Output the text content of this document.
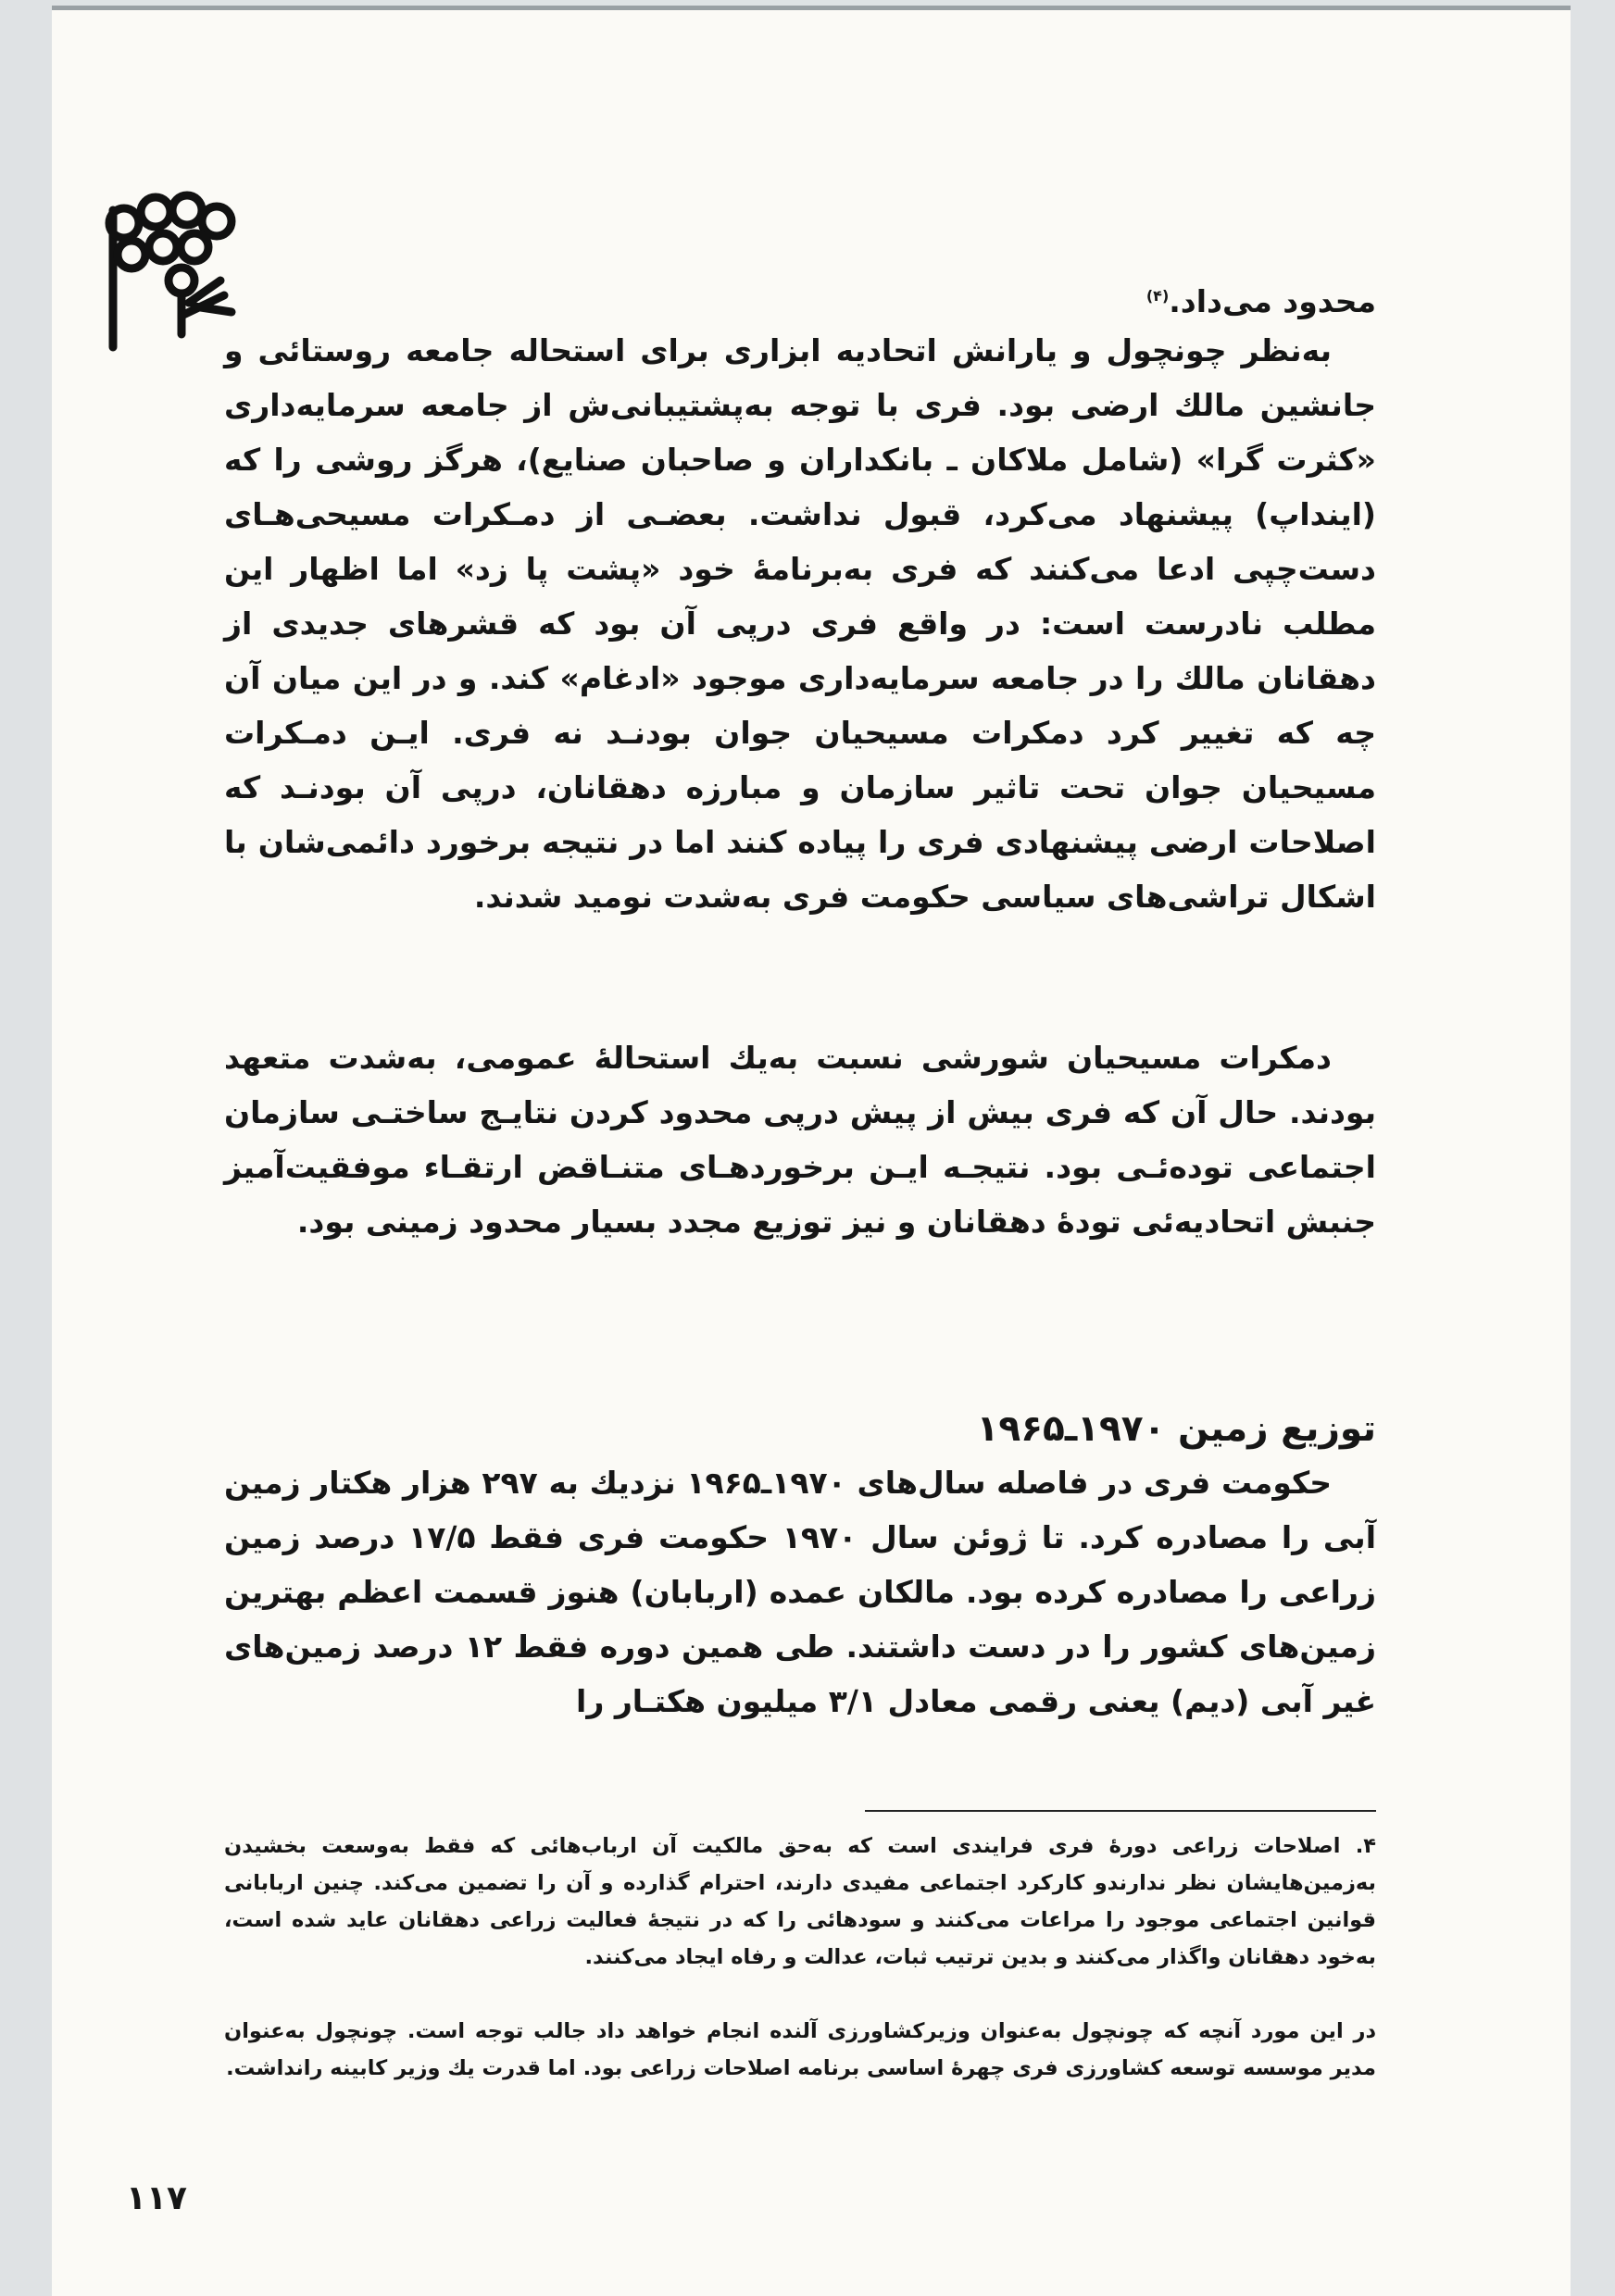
محدود می‌داد.$^{(۴)}$

به‌نظر چونچول و یارانش اتحادیه ابزاری برای استحاله جامعه روستائی و جانشین مالك ارضی بود. فری با توجه به‌پشتیبانی‌ش از جامعه سرمایه‌داری «کثرت گرا» (شامل ملاکان ـ بانکداران و صاحبان صنایع)، هرگز روشی را که (اینداپ) پیشنهاد می‌کرد، قبول نداشت. بعضـی از دمـکرات مسیحی‌هـای دست‌چپی ادعا می‌کنند که فری به‌برنامهٔ خود «پشت پا زد» اما اظهار این مطلب نادرست است: در واقع فری درپی آن بود که قشرهای جدیدی از دهقانان مالك را در جامعه سرمایه‌داری موجود «ادغام» کند. و در این میان آن چه که تغییر کرد دمکرات مسیحیان جوان بودنـد نه فری. ایـن دمـکرات مسیحیان جوان تحت تاثیر سازمان و مبارزه دهقانان، درپی آن بودنـد که اصلاحات ارضی پیشنهادی فری را پیاده کنند اما در نتیجه برخورد دائمی‌شان با اشکال تراشی‌های سیاسی حکومت فری به‌شدت نومید شدند.

دمکرات مسیحیان شورشی نسبت به‌یك استحالهٔ عمومی، به‌شدت متعهد بودند. حال آن که فری بیش از پیش درپی محدود کردن نتایـج ساختـی سازمان اجتماعی توده‌ئـی بود. نتیجـه ایـن برخوردهـای متنـاقض ارتقـاء موفقیت‌آمیز جنبش اتحادیه‌ئی تودهٔ دهقانان و نیز توزیع مجدد بسیار محدود زمینی بود.

توزیع زمین ۱۹۷۰ـ۱۹۶۵

حکومت فری در فاصله سال‌های ۱۹۷۰ـ۱۹۶۵ نزدیك به ۲۹۷ هزار هکتار زمین آبی را مصادره کرد. تا ژوئن سال ۱۹۷۰ حکومت فری فقط ۱۷/۵ درصد زمین زراعی را مصادره کرده بود. مالکان عمده (اربابان) هنوز قسمت اعظم بهترین زمین‌های کشور را در دست داشتند. طی همین دوره فقط ۱۲ درصد زمین‌های غیر آبی (دیم) یعنی رقمی معادل ۳/۱ میلیون هکتـار را

۴. اصلاحات زراعی دورهٔ فری فرایندی است که به‌حق مالکیت آن ارباب‌هائی که فقط به‌وسعت بخشیدن به‌زمین‌هایشان نظر ندارند‌و کارکرد اجتماعی مفیدی دارند، احترام گذارده و آن را تضمین می‌کند. چنین اربابانی قوانین اجتماعی موجود را مراعات می‌کنند و سودهائی را که در نتیجهٔ فعالیت زراعی دهقانان عاید شده است، به‌خود دهقانان واگذار می‌کنند و بدین ترتیب ثبات، عدالت و رفاه ایجاد می‌کنند.
در این مورد آنچه که چونچول به‌عنوان وزیرکشاورزی آلنده انجام خواهد داد جالب توجه است. چونچول به‌عنوان مدیر موسسه توسعه کشاورزی فری چهرهٔ اساسی برنامه اصلاحات زراعی بود. اما قدرت یك وزیر کابینه رانداشت.
۱۱۷
